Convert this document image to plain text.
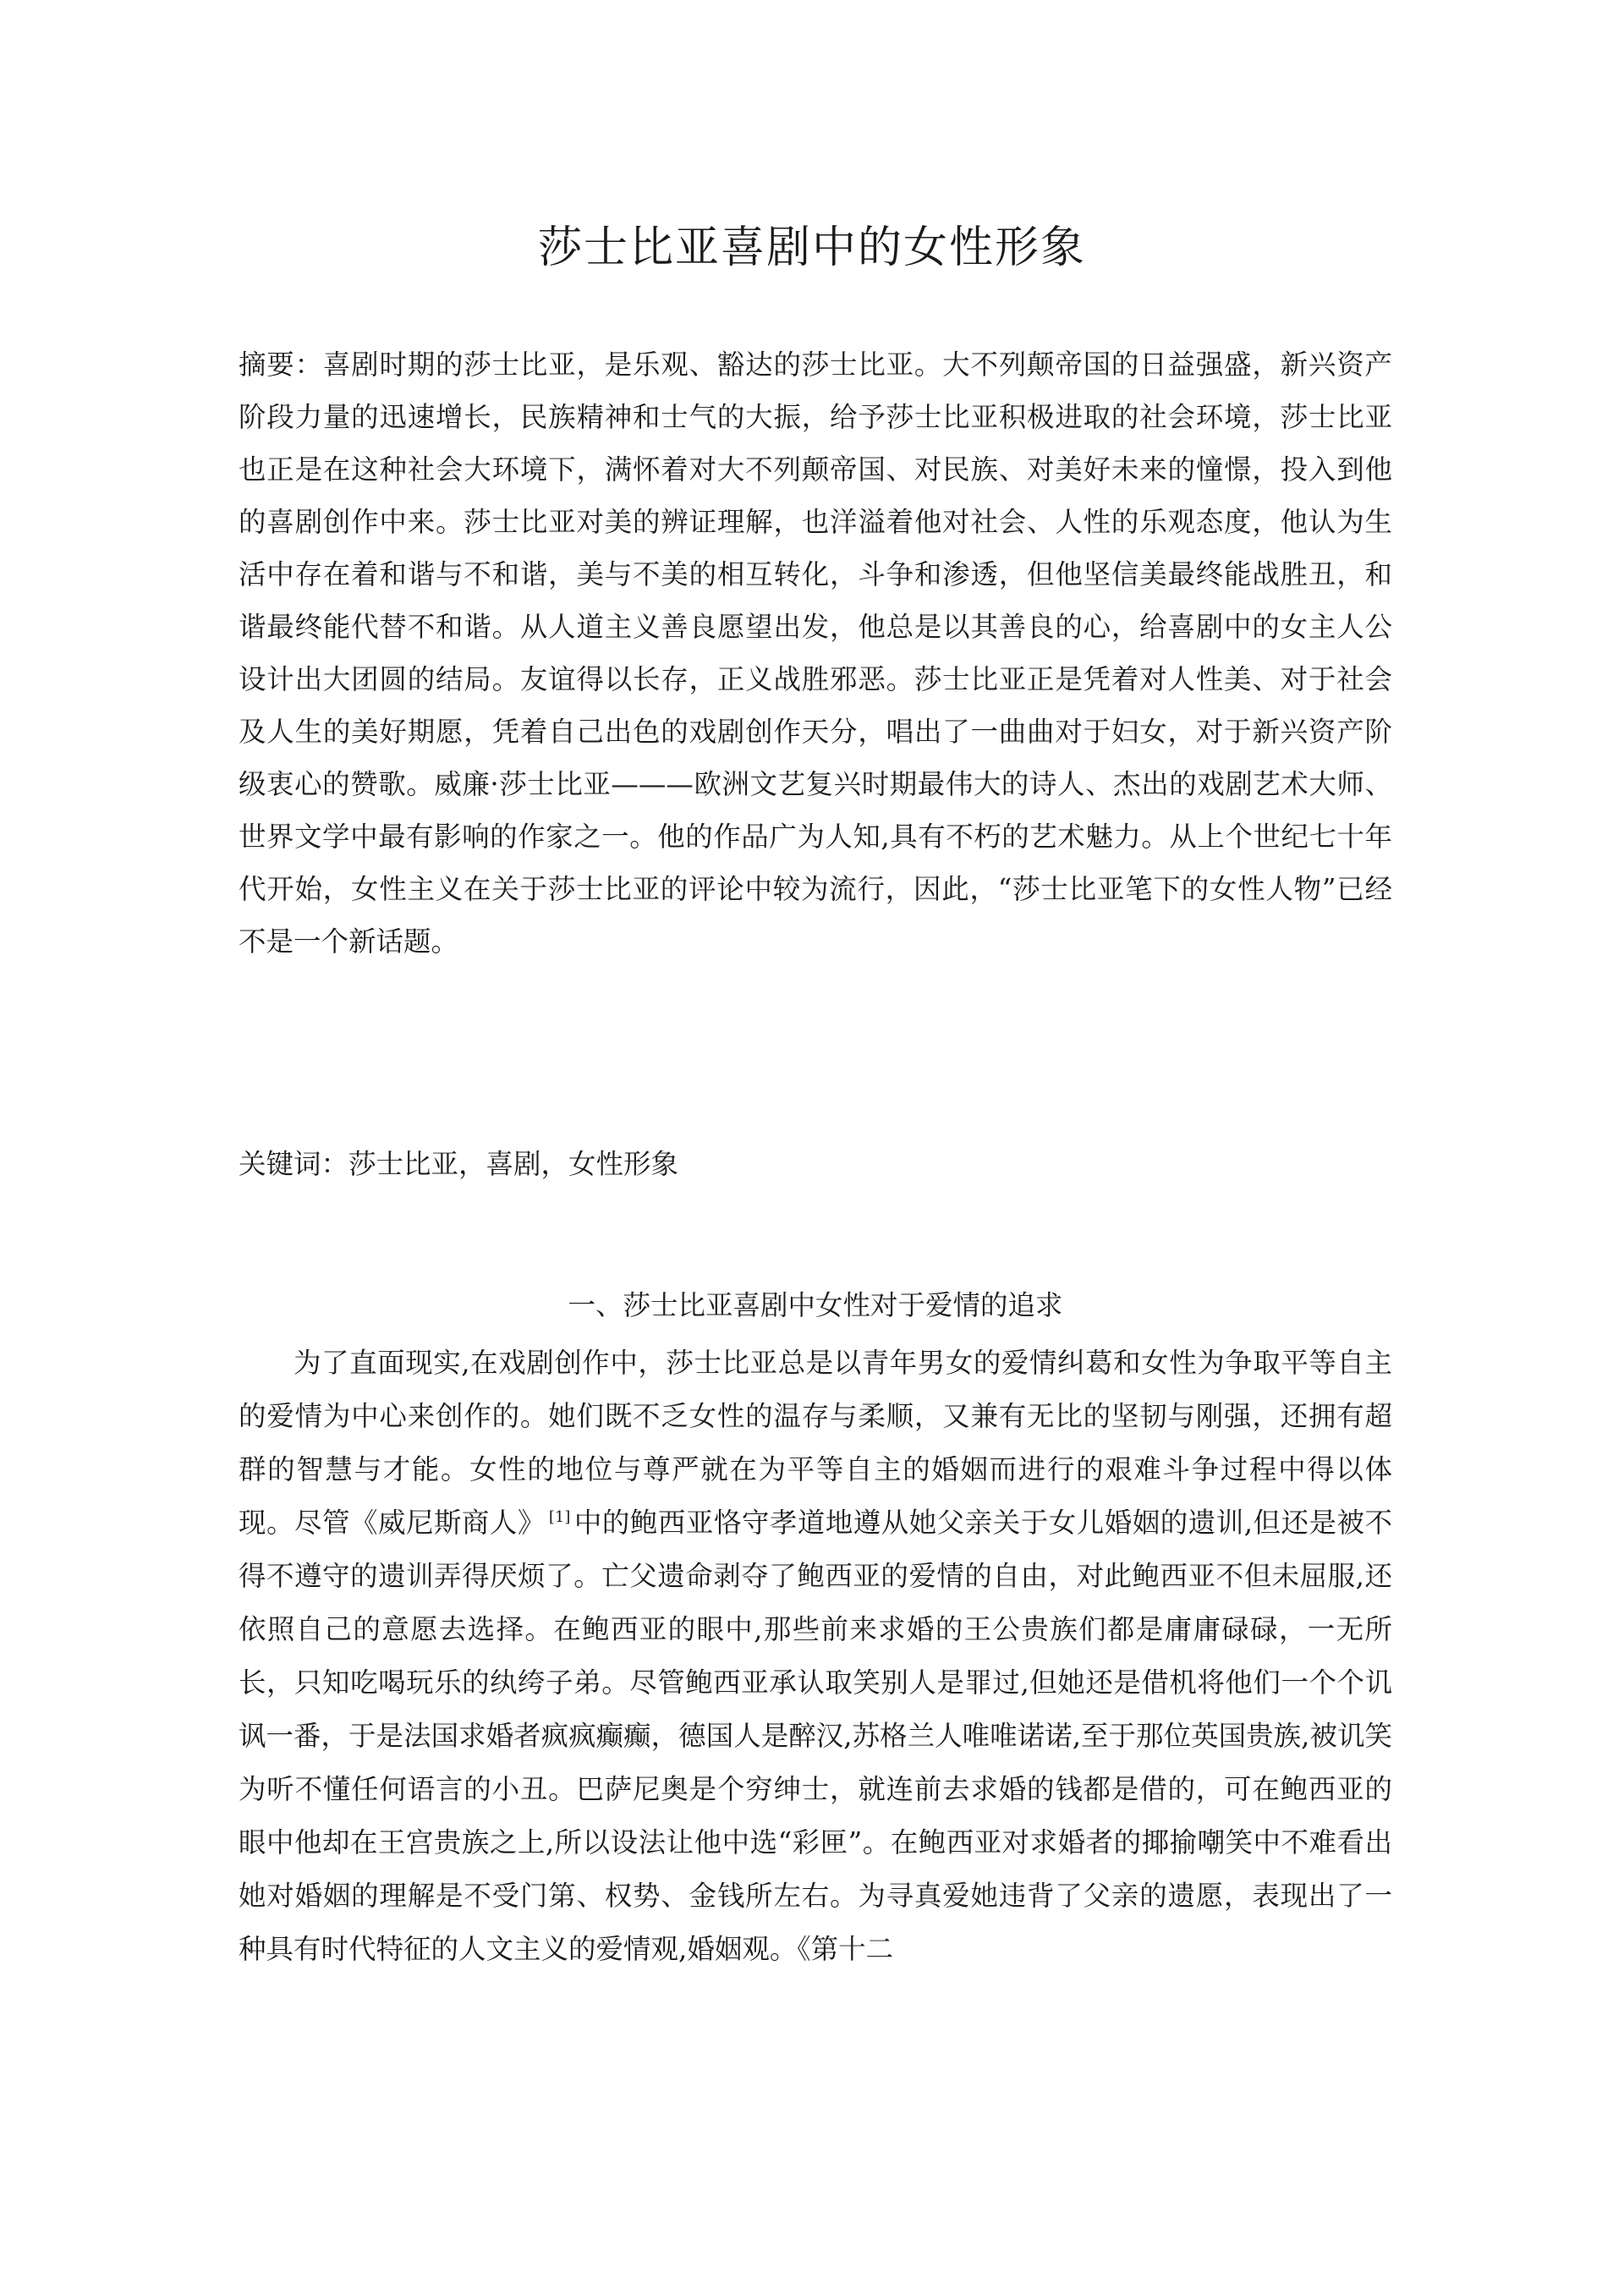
莎士比亚喜剧中的女性形象

摘要：喜剧时期的莎士比亚，是乐观、豁达的莎士比亚。大不列颠帝国的日益强盛，新兴资产阶段力量的迅速增长，民族精神和士气的大振，给予莎士比亚积极进取的社会环境，莎士比亚也正是在这种社会大环境下，满怀着对大不列颠帝国、对民族、对美好未来的憧憬，投入到他的喜剧创作中来。莎士比亚对美的辨证理解，也洋溢着他对社会、人性的乐观态度，他认为生活中存在着和谐与不和谐，美与不美的相互转化，斗争和渗透，但他坚信美最终能战胜丑，和谐最终能代替不和谐。从人道主义善良愿望出发，他总是以其善良的心，给喜剧中的女主人公设计出大团圆的结局。友谊得以长存，正义战胜邪恶。莎士比亚正是凭着对人性美、对于社会及人生的美好期愿，凭着自己出色的戏剧创作天分，唱出了一曲曲对于妇女，对于新兴资产阶级衷心的赞歌。威廉·莎士比亚———欧洲文艺复兴时期最伟大的诗人、杰出的戏剧艺术大师、世界文学中最有影响的作家之一。他的作品广为人知,具有不朽的艺术魅力。从上个世纪七十年代开始，女性主义在关于莎士比亚的评论中较为流行，因此，“莎士比亚笔下的女性人物”已经不是一个新话题。

关键词：莎士比亚，喜剧，女性形象

一、莎士比亚喜剧中女性对于爱情的追求

为了直面现实,在戏剧创作中，莎士比亚总是以青年男女的爱情纠葛和女性为争取平等自主的爱情为中心来创作的。她们既不乏女性的温存与柔顺，又兼有无比的坚韧与刚强，还拥有超群的智慧与才能。女性的地位与尊严就在为平等自主的婚姻而进行的艰难斗争过程中得以体现。尽管《威尼斯商人》 [1] 中的鲍西亚恪守孝道地遵从她父亲关于女儿婚姻的遗训,但还是被不得不遵守的遗训弄得厌烦了。亡父遗命剥夺了鲍西亚的爱情的自由，对此鲍西亚不但未屈服,还依照自己的意愿去选择。在鲍西亚的眼中,那些前来求婚的王公贵族们都是庸庸碌碌，一无所长，只知吃喝玩乐的纨绔子弟。尽管鲍西亚承认取笑别人是罪过,但她还是借机将他们一个个讥讽一番，于是法国求婚者疯疯癫癫，德国人是醉汉,苏格兰人唯唯诺诺,至于那位英国贵族,被讥笑为听不懂任何语言的小丑。巴萨尼奥是个穷绅士，就连前去求婚的钱都是借的，可在鲍西亚的眼中他却在王宫贵族之上,所以设法让他中选“彩匣”。在鲍西亚对求婚者的揶揄嘲笑中不难看出她对婚姻的理解是不受门第、权势、金钱所左右。为寻真爱她违背了父亲的遗愿，表现出了一种具有时代特征的人文主义的爱情观,婚姻观。《第十二
